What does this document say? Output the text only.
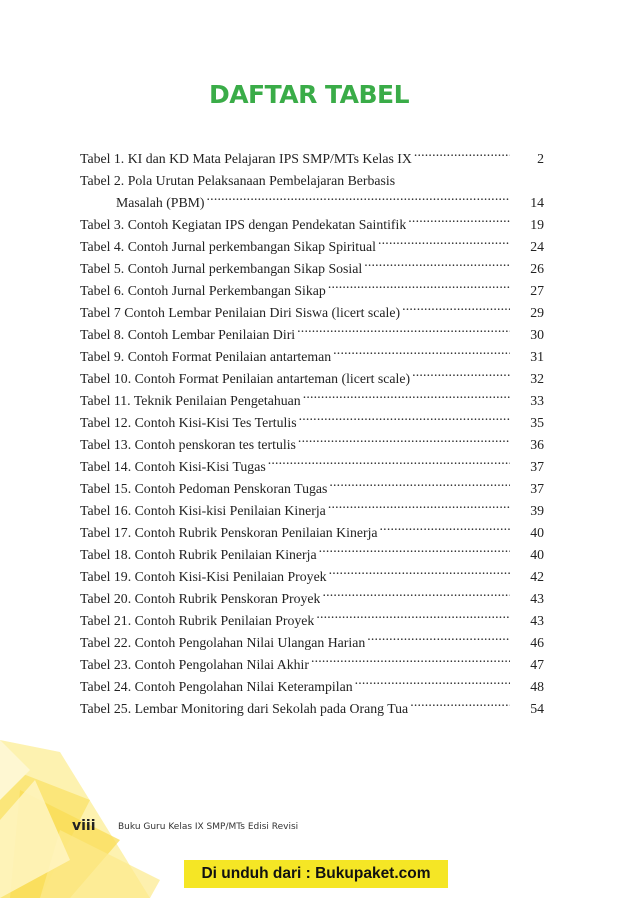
DAFTAR TABEL
Tabel 1. KI dan KD Mata Pelajaran IPS SMP/MTs Kelas IX .....	2
Tabel 2. Pola Urutan Pelaksanaan Pembelajaran Berbasis
Masalah (PBM) .....	14
Tabel 3. Contoh Kegiatan IPS dengan Pendekatan Saintifik .....	19
Tabel 4. Contoh Jurnal perkembangan Sikap Spiritual .....	24
Tabel 5. Contoh Jurnal perkembangan Sikap Sosial .....	26
Tabel 6. Contoh Jurnal Perkembangan Sikap .....	27
Tabel 7 Contoh Lembar Penilaian Diri Siswa (licert scale) .....	29
Tabel 8. Contoh Lembar Penilaian Diri .....	30
Tabel 9. Contoh Format Penilaian antarteman .....	31
Tabel 10. Contoh Format Penilaian antarteman (licert scale) .....	32
Tabel 11. Teknik Penilaian Pengetahuan .....	33
Tabel 12. Contoh Kisi-Kisi Tes Tertulis .....	35
Tabel 13. Contoh penskoran tes tertulis .....	36
Tabel 14. Contoh Kisi-Kisi Tugas .....	37
Tabel 15. Contoh Pedoman Penskoran Tugas .....	37
Tabel 16. Contoh Kisi-kisi Penilaian Kinerja .....	39
Tabel 17. Contoh Rubrik Penskoran Penilaian Kinerja .....	40
Tabel 18. Contoh Rubrik Penilaian Kinerja .....	40
Tabel 19. Contoh Kisi-Kisi Penilaian Proyek .....	42
Tabel 20. Contoh Rubrik Penskoran Proyek .....	43
Tabel 21. Contoh Rubrik Penilaian Proyek .....	43
Tabel 22. Contoh Pengolahan Nilai Ulangan Harian .....	46
Tabel 23. Contoh Pengolahan Nilai Akhir .....	47
Tabel 24. Contoh Pengolahan Nilai Keterampilan .....	48
Tabel 25. Lembar Monitoring dari Sekolah pada Orang Tua .....	54
viii Buku Guru Kelas IX SMP/MTs Edisi Revisi
Di unduh dari : Bukupaket.com
